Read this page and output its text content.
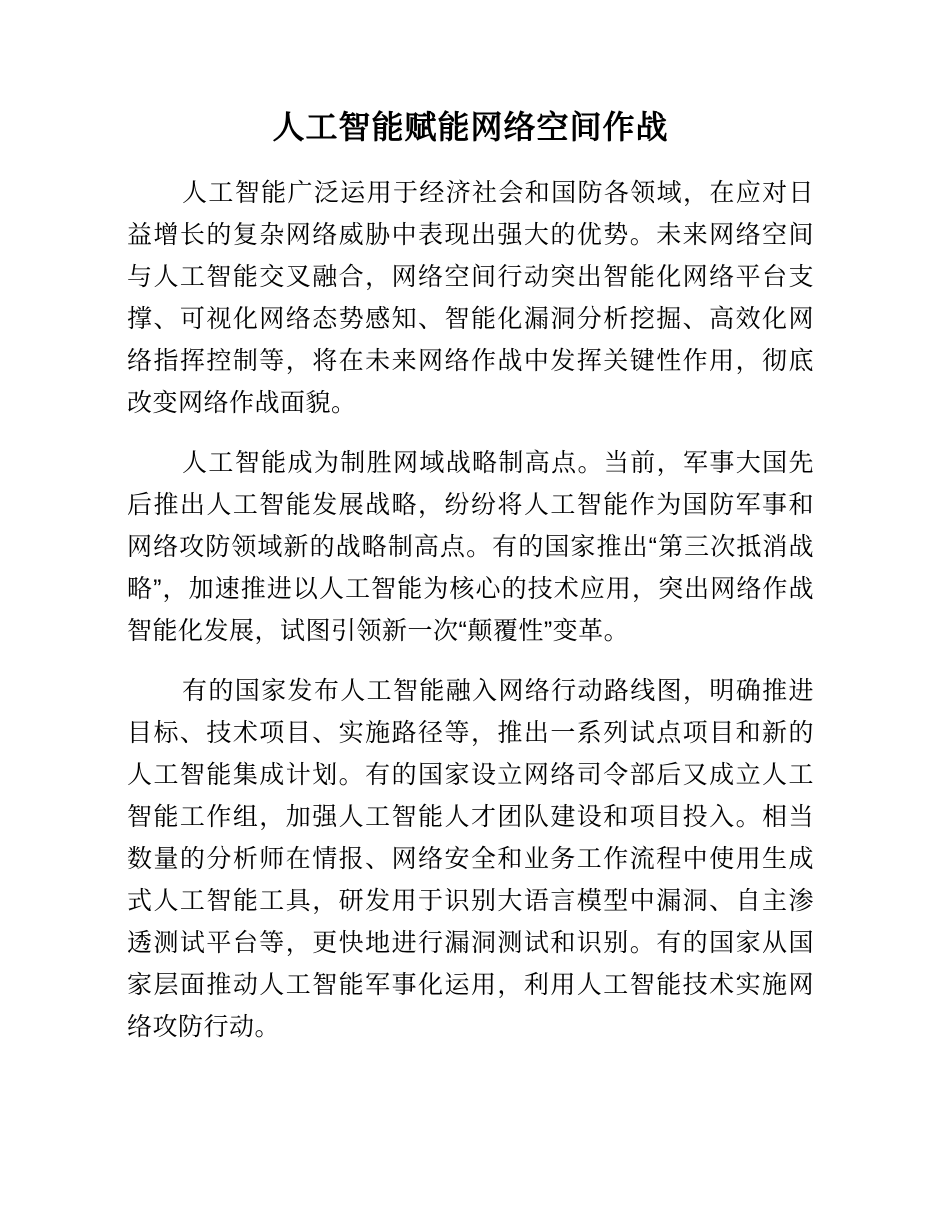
人工智能赋能网络空间作战

人工智能广泛运用于经济社会和国防各领域，在应对日益增长的复杂网络威胁中表现出强大的优势。未来网络空间与人工智能交叉融合，网络空间行动突出智能化网络平台支撑、可视化网络态势感知、智能化漏洞分析挖掘、高效化网络指挥控制等，将在未来网络作战中发挥关键性作用，彻底改变网络作战面貌。

人工智能成为制胜网域战略制高点。当前，军事大国先后推出人工智能发展战略，纷纷将人工智能作为国防军事和网络攻防领域新的战略制高点。有的国家推出“第三次抵消战略”，加速推进以人工智能为核心的技术应用，突出网络作战智能化发展，试图引领新一次“颠覆性”变革。

有的国家发布人工智能融入网络行动路线图，明确推进目标、技术项目、实施路径等，推出一系列试点项目和新的人工智能集成计划。有的国家设立网络司令部后又成立人工智能工作组，加强人工智能人才团队建设和项目投入。相当数量的分析师在情报、网络安全和业务工作流程中使用生成式人工智能工具，研发用于识别大语言模型中漏洞、自主渗透测试平台等，更快地进行漏洞测试和识别。有的国家从国家层面推动人工智能军事化运用，利用人工智能技术实施网络攻防行动。
